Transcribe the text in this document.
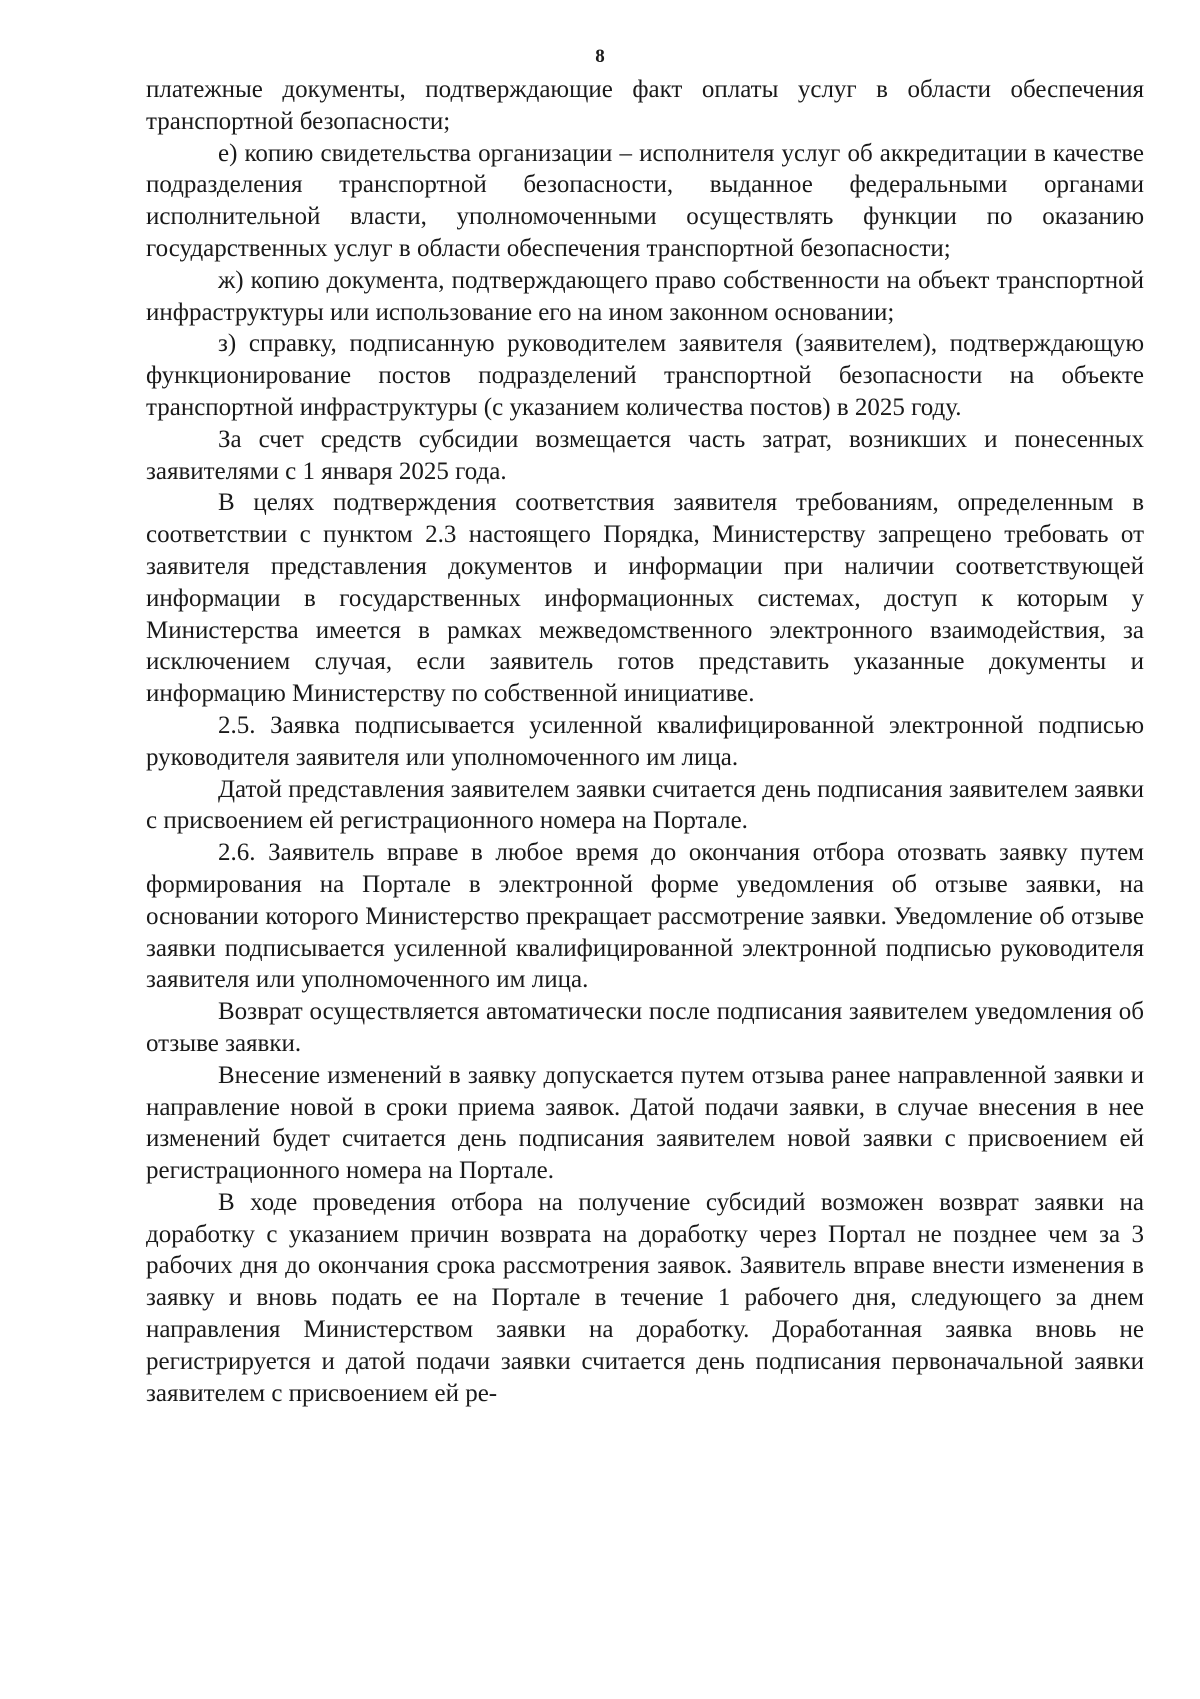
8

платежные документы, подтверждающие факт оплаты услуг в области обеспечения транспортной безопасности;

е) копию свидетельства организации – исполнителя услуг об аккредитации в качестве подразделения транспортной безопасности, выданное федеральными органами исполнительной власти, уполномоченными осуществлять функции по оказанию государственных услуг в области обеспечения транспортной безопасности;

ж) копию документа, подтверждающего право собственности на объект транспортной инфраструктуры или использование его на ином законном основании;

з) справку, подписанную руководителем заявителя (заявителем), подтверждающую функционирование постов подразделений транспортной безопасности на объекте транспортной инфраструктуры (с указанием количества постов) в 2025 году.

За счет средств субсидии возмещается часть затрат, возникших и понесенных заявителями с 1 января 2025 года.

В целях подтверждения соответствия заявителя требованиям, определенным в соответствии с пунктом 2.3 настоящего Порядка, Министерству запрещено требовать от заявителя представления документов и информации при наличии соответствующей информации в государственных информационных системах, доступ к которым у Министерства имеется в рамках межведомственного электронного взаимодействия, за исключением случая, если заявитель готов представить указанные документы и информацию Министерству по собственной инициативе.

2.5. Заявка подписывается усиленной квалифицированной электронной подписью руководителя заявителя или уполномоченного им лица.

Датой представления заявителем заявки считается день подписания заявителем заявки с присвоением ей регистрационного номера на Портале.

2.6. Заявитель вправе в любое время до окончания отбора отозвать заявку путем формирования на Портале в электронной форме уведомления об отзыве заявки, на основании которого Министерство прекращает рассмотрение заявки. Уведомление об отзыве заявки подписывается усиленной квалифицированной электронной подписью руководителя заявителя или уполномоченного им лица.

Возврат осуществляется автоматически после подписания заявителем уведомления об отзыве заявки.

Внесение изменений в заявку допускается путем отзыва ранее направленной заявки и направление новой в сроки приема заявок. Датой подачи заявки, в случае внесения в нее изменений будет считается день подписания заявителем новой заявки с присвоением ей регистрационного номера на Портале.

В ходе проведения отбора на получение субсидий возможен возврат заявки на доработку с указанием причин возврата на доработку через Портал не позднее чем за 3 рабочих дня до окончания срока рассмотрения заявок. Заявитель вправе внести изменения в заявку и вновь подать ее на Портале в течение 1 рабочего дня, следующего за днем направления Министерством заявки на доработку. Доработанная заявка вновь не регистрируется и датой подачи заявки считается день подписания первоначальной заявки заявителем с присвоением ей ре-
